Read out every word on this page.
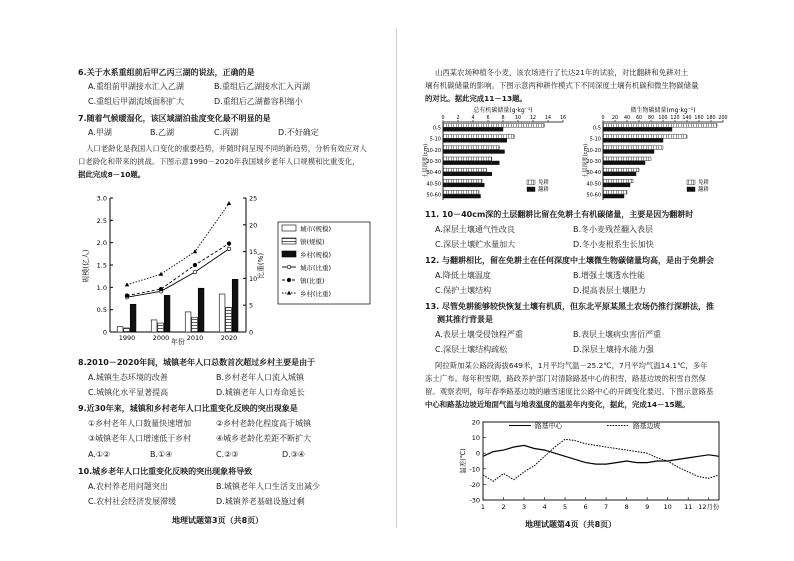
6.关于水系重组前后甲乙丙三湖的说法，正确的是
A.重组前甲湖接水汇入乙湖	B.重组后乙湖接水汇入丙湖
C.重组后甲湖流域面积扩大	D.重组后乙湖蓄容积缩小
7.随着气候暖湿化，该区域湖泊盐度变化最不明显的是
A.甲湖	B.乙湖	C.丙湖	D.不好确定
人口老龄化是我国人口变化的重要趋势，并随时间呈现不同的新趋势，分析有效应对人
口老龄化和带来的挑战。下图示意1990－2020年我国城乡老年人口规模和比重变化，
据此完成8－10题。
0
0.5
1.0
1.5
2.0
2.5
3.0
0
5
10
15
20
25
规模(亿人)	比重(%)
年份
1990	2000	2010	2020
城市(规模)
镇(规模)
乡村(规模)
城市(比重)
镇(比重)
乡村(比重)
8.2010－2020年间，城镇老年人口总数首次超过乡村主要是由于
A.城镇生态环境的改善	B.乡村老年人口流入城镇
C.城镇化水平显著提高	D.城镇老年人口寿命延长
9.近30年来，城镇和乡村老年人口比重变化反映的突出现象是
①乡村老年人口数量快速增加	②乡村老龄化程度高于城镇
③城镇老年人口增速低于乡村	④城乡老龄化差距不断扩大
A.①②	B.①④	C.②③	D.③④
10.城乡老年人口比重变化反映的突出现象将导致
A.农村养老用问题突出	B.城镇老年人口生活支出减少
C.农村社会经济发展滞缓	D.城镇养老基础设施过剩
地理试题第3页（共8页）
山西某农场种植冬小麦，该农场进行了长达21年的试验，对比翻耕和免耕对土
壤有机碳储量的影响。下图示意两种耕作模式下不同深度土壤有机碳和微生物碳储量
的对比。据此完成11－13题。
总有机碳储量(g·kg⁻¹)
0 2 4 6 8 10 12 14 16
土层深度(cm)
0-5
5-10
10-20
20-30
30-40
40-50
50-60
免耕
翻耕
微生物碳储量(mg·kg⁻¹)
0 20 40 60 80 100 120 140 160 180 200
土层深度(cm)
0-5
5-10
10-20
20-30
30-40
40-50
50-60
免耕
翻耕
11. 10－40cm深的土层翻耕比留在免耕土有机碳储量，主要是因为翻耕时
A.深层土壤通气性改良	B.冬小麦残茬翻入表层
C.深层土壤贮水量加大	D.冬小麦根系生长加快
12. 与翻耕相比，留在免耕土在任何深度中土壤微生物碳储量均高，是由于免耕会
A.降低土壤温度	B.增强土壤透水性能
C.保护土壤结构	D.提高表层土壤肥力
13. 尽管免耕能够较快恢复土壤有机质，但东北平原某黑土农场仍推行深耕法，推
测其推行背景是
A.表层土壤受侵蚀程严重	B.表层土壤病虫害衍严重
C.深层土壤结构疏松	D.深层土壤持水能力强
阿拉斯加某公路段海拔649米，1月平均气温－25.2℃，7月平均气温14.1℃，多年
冻土广布。每年积雪期，路政养护部门对清除路基中心的积雪，路基边坡的积雪自然保
留。观察表明，每年春季路基边坡的融雪速度比公路中心的开阔变化要迟。下图示意路基
中心和路基边坡近地面气温与地表温度的温差年内变化，据此，完成14－15题。
20
10
0
-10
-20
-30
1	2	3	4	5	6	7	8	9 10 11 12月份
温差(℃)
路基中心	路基边坡
地理试题第4页（共8页）
